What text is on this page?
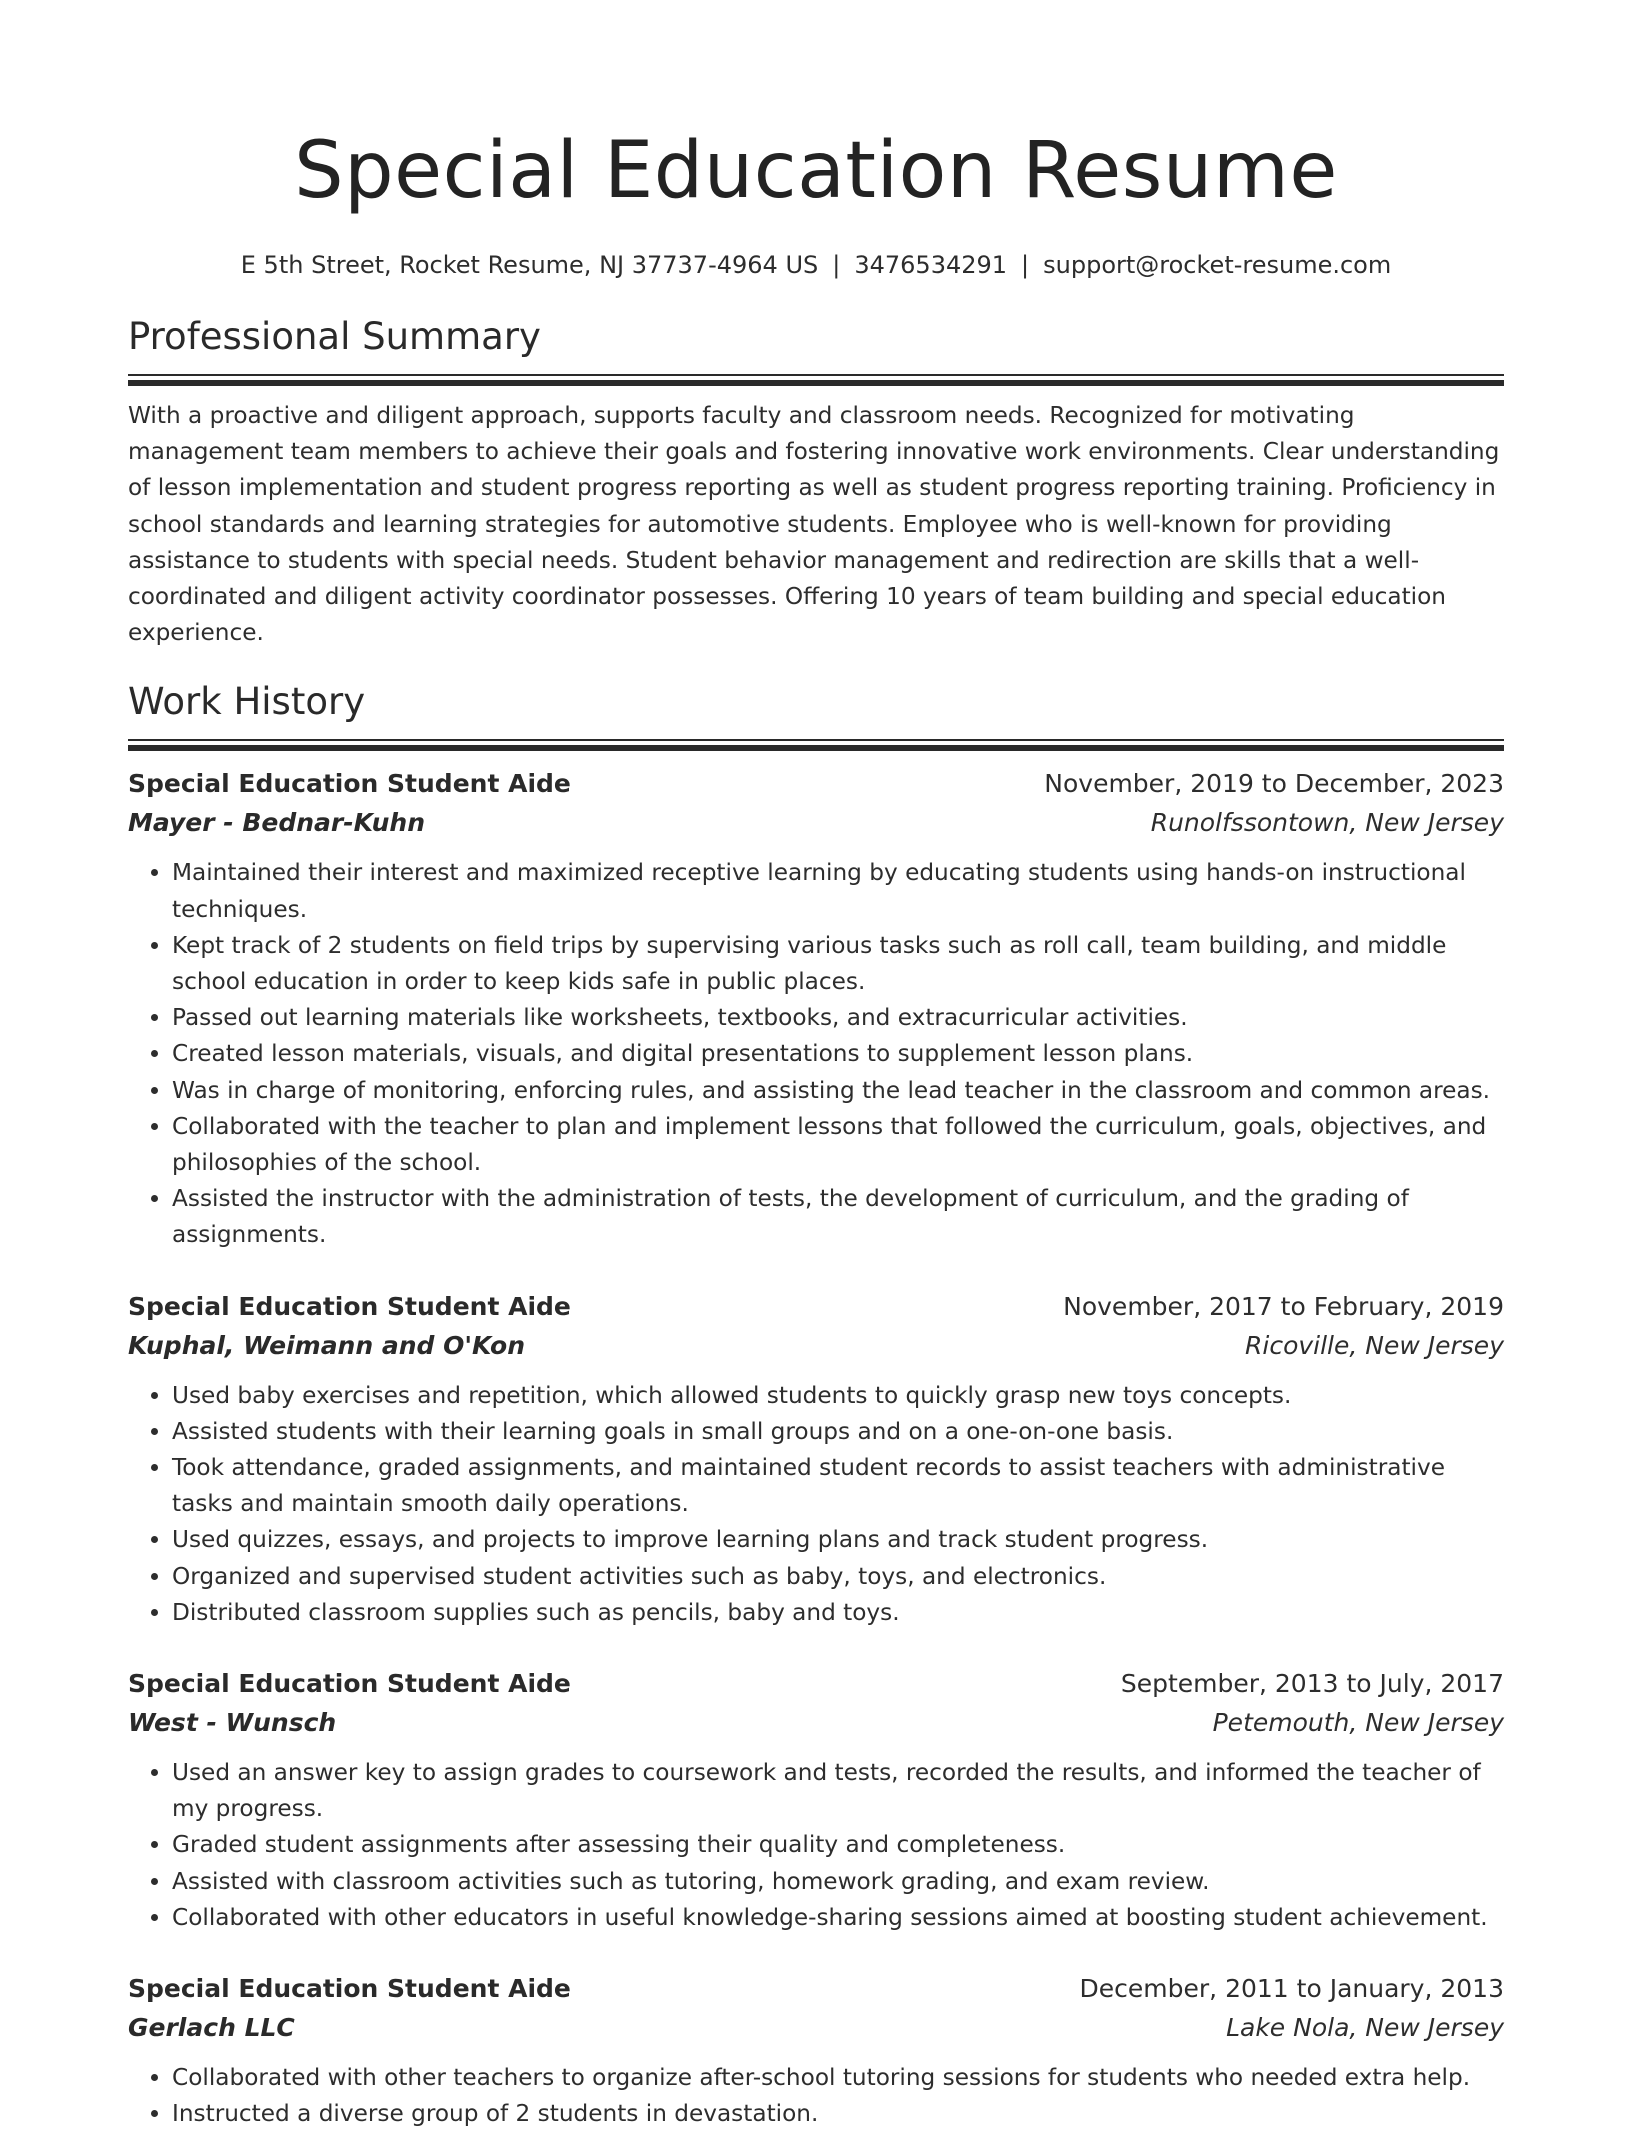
Special Education Resume
E 5th Street, Rocket Resume, NJ 37737-4964 US | 3476534291 | support@rocket-resume.com
Professional Summary

With a proactive and diligent approach, supports faculty and classroom needs. Recognized for motivating management team members to achieve their goals and fostering innovative work environments. Clear understanding of lesson implementation and student progress reporting as well as student progress reporting training. Proficiency in school standards and learning strategies for automotive students. Employee who is well-known for providing assistance to students with special needs. Student behavior management and redirection are skills that a well-coordinated and diligent activity coordinator possesses. Offering 10 years of team building and special education experience.

Work History
Special Education Student Aide	November, 2019 to December, 2023
Mayer - Bednar-Kuhn	Runolfssontown, New Jersey
• Maintained their interest and maximized receptive learning by educating students using hands-on instructional techniques.
• Kept track of 2 students on field trips by supervising various tasks such as roll call, team building, and middle school education in order to keep kids safe in public places.
• Passed out learning materials like worksheets, textbooks, and extracurricular activities.
• Created lesson materials, visuals, and digital presentations to supplement lesson plans.
• Was in charge of monitoring, enforcing rules, and assisting the lead teacher in the classroom and common areas.
• Collaborated with the teacher to plan and implement lessons that followed the curriculum, goals, objectives, and philosophies of the school.
• Assisted the instructor with the administration of tests, the development of curriculum, and the grading of assignments.
Special Education Student Aide	November, 2017 to February, 2019
Kuphal, Weimann and O'Kon	Ricoville, New Jersey
• Used baby exercises and repetition, which allowed students to quickly grasp new toys concepts.
• Assisted students with their learning goals in small groups and on a one-on-one basis.
• Took attendance, graded assignments, and maintained student records to assist teachers with administrative tasks and maintain smooth daily operations.
• Used quizzes, essays, and projects to improve learning plans and track student progress.
• Organized and supervised student activities such as baby, toys, and electronics.
• Distributed classroom supplies such as pencils, baby and toys.
Special Education Student Aide	September, 2013 to July, 2017
West - Wunsch	Petemouth, New Jersey
• Used an answer key to assign grades to coursework and tests, recorded the results, and informed the teacher of my progress.
• Graded student assignments after assessing their quality and completeness.
• Assisted with classroom activities such as tutoring, homework grading, and exam review.
• Collaborated with other educators in useful knowledge-sharing sessions aimed at boosting student achievement.
Special Education Student Aide	December, 2011 to January, 2013
Gerlach LLC	Lake Nola, New Jersey
• Collaborated with other teachers to organize after-school tutoring sessions for students who needed extra help.
• Instructed a diverse group of 2 students in devastation.
